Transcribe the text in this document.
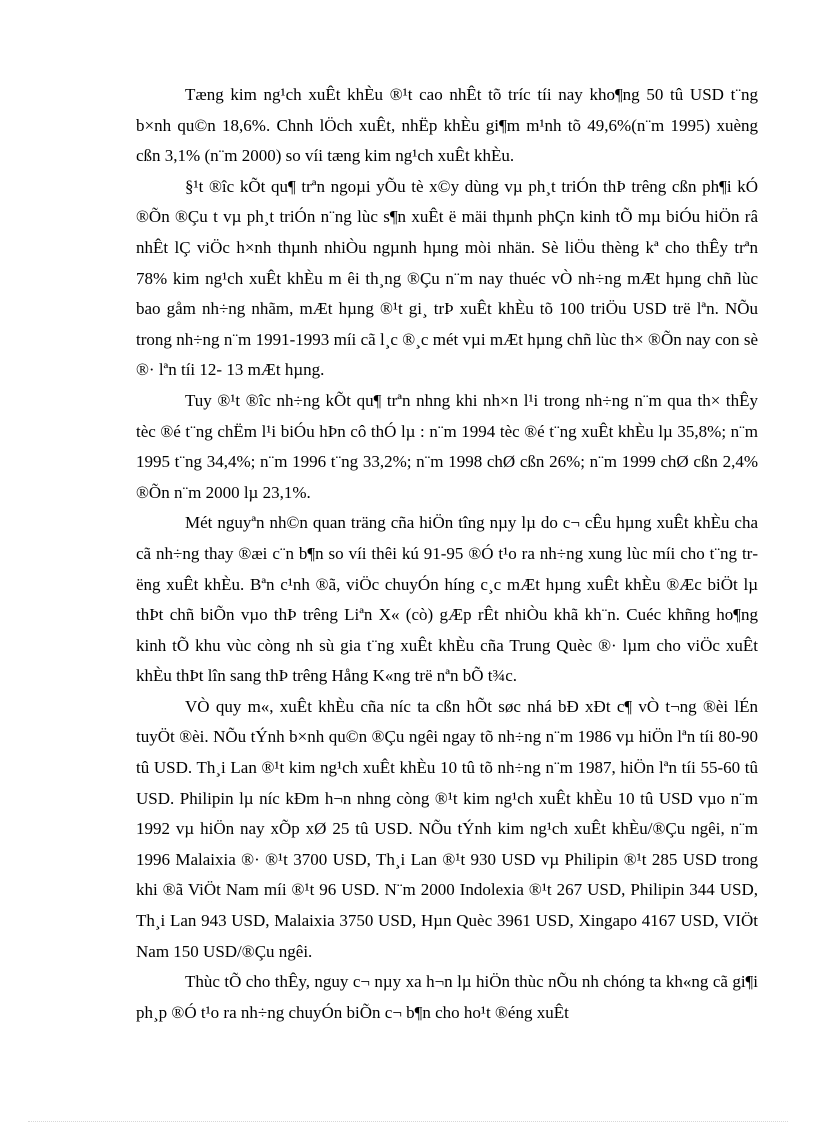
Tæng kim ng¹ch xuÊt khÈu ®¹t cao nhÊt tõ tríc tíi nay kho¶ng 50 tû USD t¨ng b×nh qu©n 18,6%. Chnh lÖch xuÊt, nhËp khÈu gi¶m m¹nh tõ 49,6%(n¨m 1995) xuèng cßn 3,1% (n¨m 2000) so víi tæng kim ng¹ch xuÊt khÈu.

§¹t ®îc kÕt qu¶ trªn ngoµi yÕu tè x©y dùng vµ ph¸t triÓn thÞ trêng cßn ph¶i kÓ ®Õn ®Çu t vµ ph¸t triÓn n¨ng lùc s¶n xuÊt ë mäi thµnh phÇn kinh tÕ mµ biÓu hiÖn râ nhÊt lÇ viÖc h×nh thµnh nhiÒu ngµnh hµng mòi nhän. Sè liÖu thèng kª cho thÊy trªn 78% kim ng¹ch xuÊt khÈu m êi th¸ng ®Çu n¨m nay thuéc vÒ nh÷ng mÆt hµng chñ lùc bao gåm nh÷ng nhãm, mÆt hµng ®¹t gi¸ trÞ xuÊt khÈu tõ 100 triÖu USD trë lªn. NÕu trong nh÷ng n¨m 1991-1993 míi cã l¸c ®¸c mét vµi mÆt hµng chñ lùc th× ®Õn nay con sè ®· lªn tíi 12- 13 mÆt hµng.

Tuy ®¹t ®îc nh÷ng kÕt qu¶ trªn nhng khi nh×n l¹i trong nh÷ng n¨m qua th× thÊy tèc ®é t¨ng chËm l¹i biÓu hÞn cô thÓ lµ : n¨m 1994 tèc ®é t¨ng xuÊt khÈu lµ 35,8%; n¨m 1995 t¨ng 34,4%; n¨m 1996 t¨ng 33,2%; n¨m 1998 chØ cßn 26%; n¨m 1999 chØ cßn 2,4% ®Õn n¨m 2000 lµ 23,1%.

Mét nguyªn nh©n quan träng cña hiÖn tîng nµy lµ do c¬ cÊu hµng xuÊt khÈu cha cã nh÷ng thay ®æi c¨n b¶n so víi thêi kú 91-95 ®Ó t¹o ra nh÷ng xung lùc míi cho t¨ng trëng xuÊt khÈu. Bªn c¹nh ®ã, viÖc chuyÓn híng c¸c mÆt hµng xuÊt khÈu ®Æc biÖt lµ thÞt chñ biÕn vµo thÞ trêng Liªn X« (cò) gÆp rÊt nhiÒu khã kh¨n. Cuéc khñng ho¶ng kinh tÕ khu vùc còng nh sù gia t¨ng xuÊt khÈu cña Trung Quèc ®· lµm cho viÖc xuÊt khÈu thÞt lîn sang thÞ trêng Hång K«ng trë nªn bÕ t¾c.

VÒ quy m«, xuÊt khÈu cña níc ta cßn hÕt søc nhá bÐ xÐt c¶ vÒ t¬ng ®èi lÉn tuyÖt ®èi. NÕu tÝnh b×nh qu©n ®Çu ngêi ngay tõ nh÷ng n¨m 1986 vµ hiÖn lªn tíi 80-90 tû USD. Th¸i Lan ®¹t kim ng¹ch xuÊt khÈu 10 tû tõ nh÷ng n¨m 1987, hiÖn lªn tíi 55-60 tû USD. Philipin lµ níc kÐm h¬n nhng còng ®¹t kim ng¹ch xuÊt khÈu 10 tû USD vµo n¨m 1992 vµ hiÖn nay xÕp xØ 25 tû USD. NÕu tÝnh kim ng¹ch xuÊt khÈu/®Çu ngêi, n¨m 1996 Malaixia ®· ®¹t 3700 USD, Th¸i Lan ®¹t 930 USD vµ Philipin ®¹t 285 USD trong khi ®ã ViÖt Nam míi ®¹t 96 USD. N¨m 2000 Indolexia ®¹t 267 USD, Philipin 344 USD, Th¸i Lan 943 USD, Malaixia 3750 USD, Hµn Quèc 3961 USD, Xingapo 4167 USD, VIÖt Nam 150 USD/®Çu ngêi.

Thùc tÕ cho thÊy, nguy c¬ nµy xa h¬n lµ hiÖn thùc nÕu nh chóng ta kh«ng cã gi¶i ph¸p ®Ó t¹o ra nh÷ng chuyÓn biÕn c¬ b¶n cho ho¹t ®éng xuÊt
